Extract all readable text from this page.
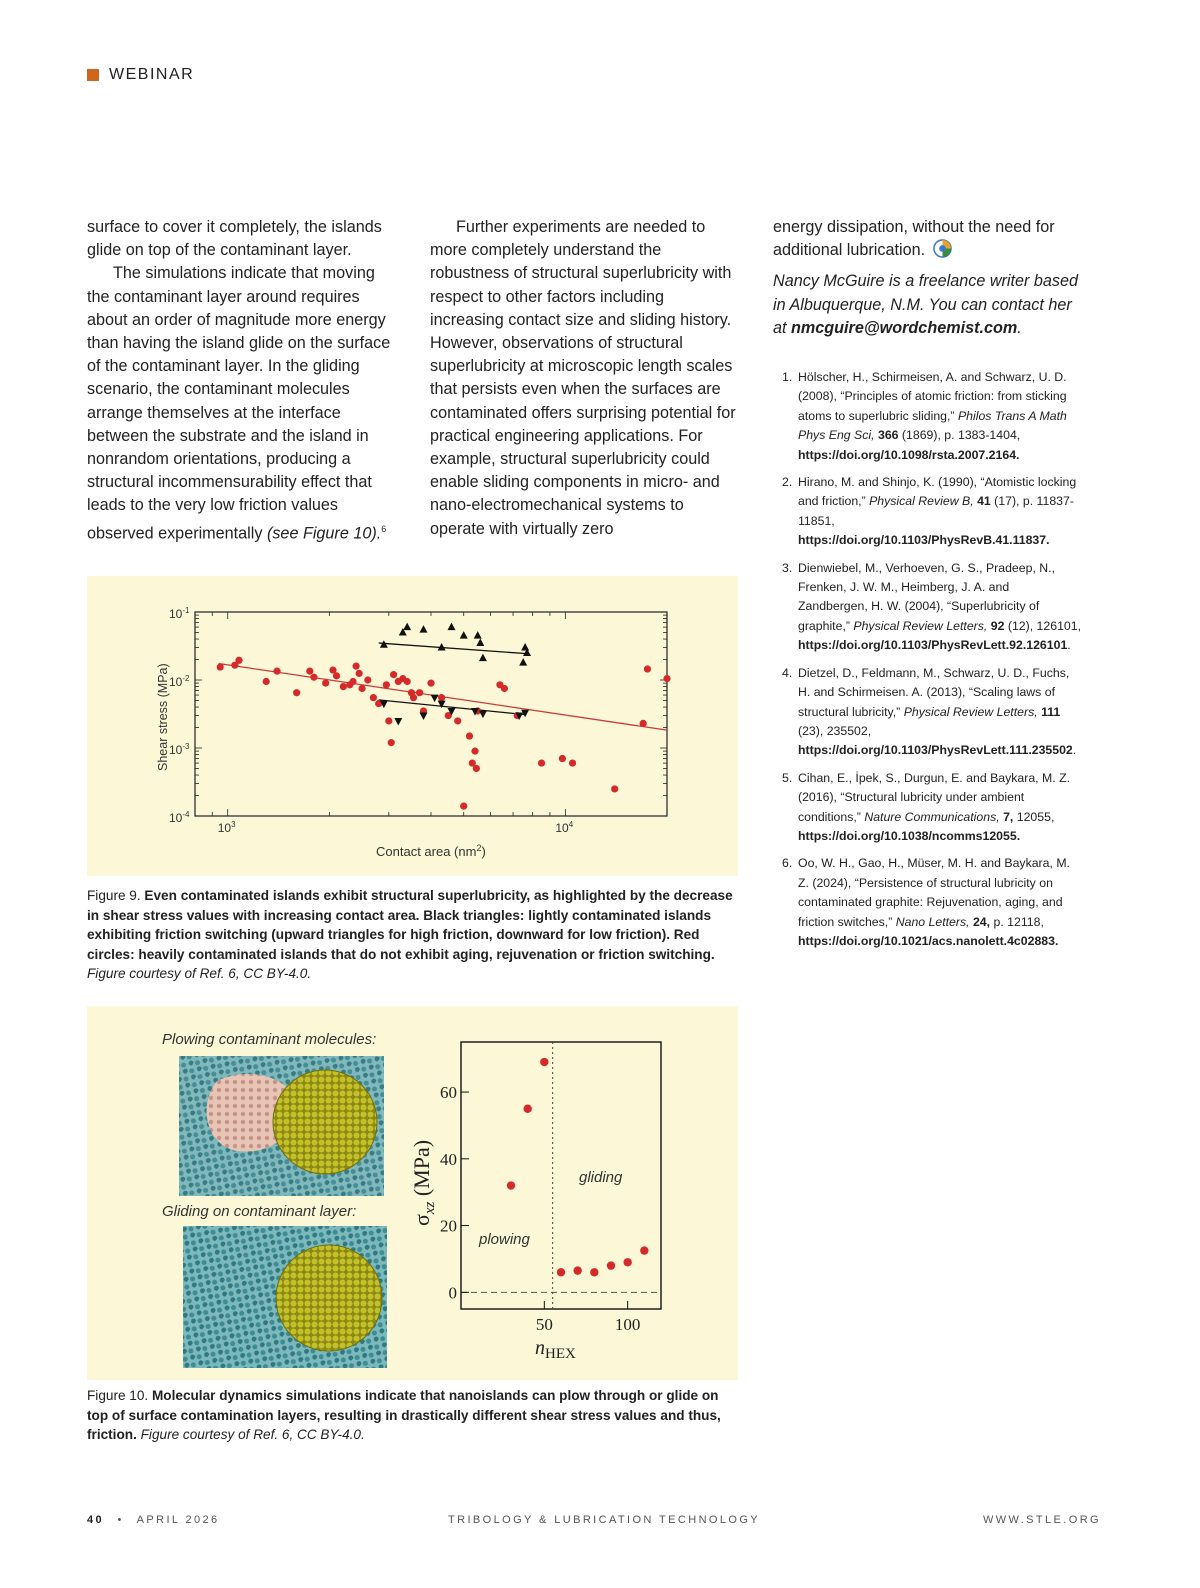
WEBINAR

surface to cover it completely, the islands glide on top of the contaminant layer.

The simulations indicate that moving the contaminant layer around requires about an order of magnitude more energy than having the island glide on the surface of the contaminant layer. In the gliding scenario, the contaminant molecules arrange themselves at the interface between the substrate and the island in nonrandom orientations, producing a structural incommensurability effect that leads to the very low friction values observed experimentally (see Figure 10).$^6$

Further experiments are needed to more completely understand the robustness of structural superlubricity with respect to other factors including increasing contact size and sliding history. However, observations of structural superlubricity at microscopic length scales that persists even when the surfaces are contaminated offers surprising potential for practical engineering applications. For example, structural superlubricity could enable sliding components in micro- and nano-electromechanical systems to operate with virtually zero

energy dissipation, without the need for additional lubrication.

Nancy McGuire is a freelance writer based in Albuquerque, N.M. You can contact her at nmcguire@wordchemist.com.

1. Hölscher, H., Schirmeisen, A. and Schwarz, U. D. (2008), “Principles of atomic friction: from sticking atoms to superlubric sliding,” Philos Trans A Math Phys Eng Sci, 366 (1869), p. 1383-1404, https://doi.org/10.1098/rsta.2007.2164.
2. Hirano, M. and Shinjo, K. (1990), “Atomistic locking and friction,” Physical Review B, 41 (17), p. 11837-11851, https://doi.org/10.1103/PhysRevB.41.11837.
3. Dienwiebel, M., Verhoeven, G. S., Pradeep, N., Frenken, J. W. M., Heimberg, J. A. and Zandbergen, H. W. (2004), “Superlubricity of graphite,” Physical Review Letters, 92 (12), 126101, https://doi.org/10.1103/PhysRevLett.92.126101.
4. Dietzel, D., Feldmann, M., Schwarz, U. D., Fuchs, H. and Schirmeisen. A. (2013), “Scaling laws of structural lubricity,” Physical Review Letters, 111 (23), 235502, https://doi.org/10.1103/PhysRevLett.111.235502.
5. Cihan, E., İpek, S., Durgun, E. and Baykara, M. Z. (2016), “Structural lubricity under ambient conditions,” Nature Communications, 7, 12055, https://doi.org/10.1038/ncomms12055.
6. Oo, W. H., Gao, H., Müser, M. H. and Baykara, M. Z. (2024), “Persistence of structural lubricity on contaminated graphite: Rejuvenation, aging, and friction switches,” Nano Letters, 24, p. 12118, https://doi.org/10.1021/acs.nanolett.4c02883.
$10^3$	$10^4$
$10^{-1}$
$10^{-2}$
$10^{-3}$
$10^{-4}$
Contact area $(nm^2)$
Shear stress (MPa)
Figure 9. Even contaminated islands exhibit structural superlubricity, as highlighted by the decrease in shear stress values with increasing contact area. Black triangles: lightly contaminated islands exhibiting friction switching (upward triangles for high friction, downward for low friction). Red circles: heavily contaminated islands that do not exhibit aging, rejuvenation or friction switching. Figure courtesy of Ref. 6, CC BY-4.0.
Plowing contaminant molecules:
Gliding on contaminant layer:
50	100
0
20
40
60
$n_{HEX}$
$\sigma_{xz}$ (MPa)
plowing
gliding
Figure 10. Molecular dynamics simulations indicate that nanoislands can plow through or glide on top of surface contamination layers, resulting in drastically different shear stress values and thus, friction. Figure courtesy of Ref. 6, CC BY-4.0.
40 • APRIL 2026	TRIBOLOGY & LUBRICATION TECHNOLOGY	WWW.STLE.ORG
